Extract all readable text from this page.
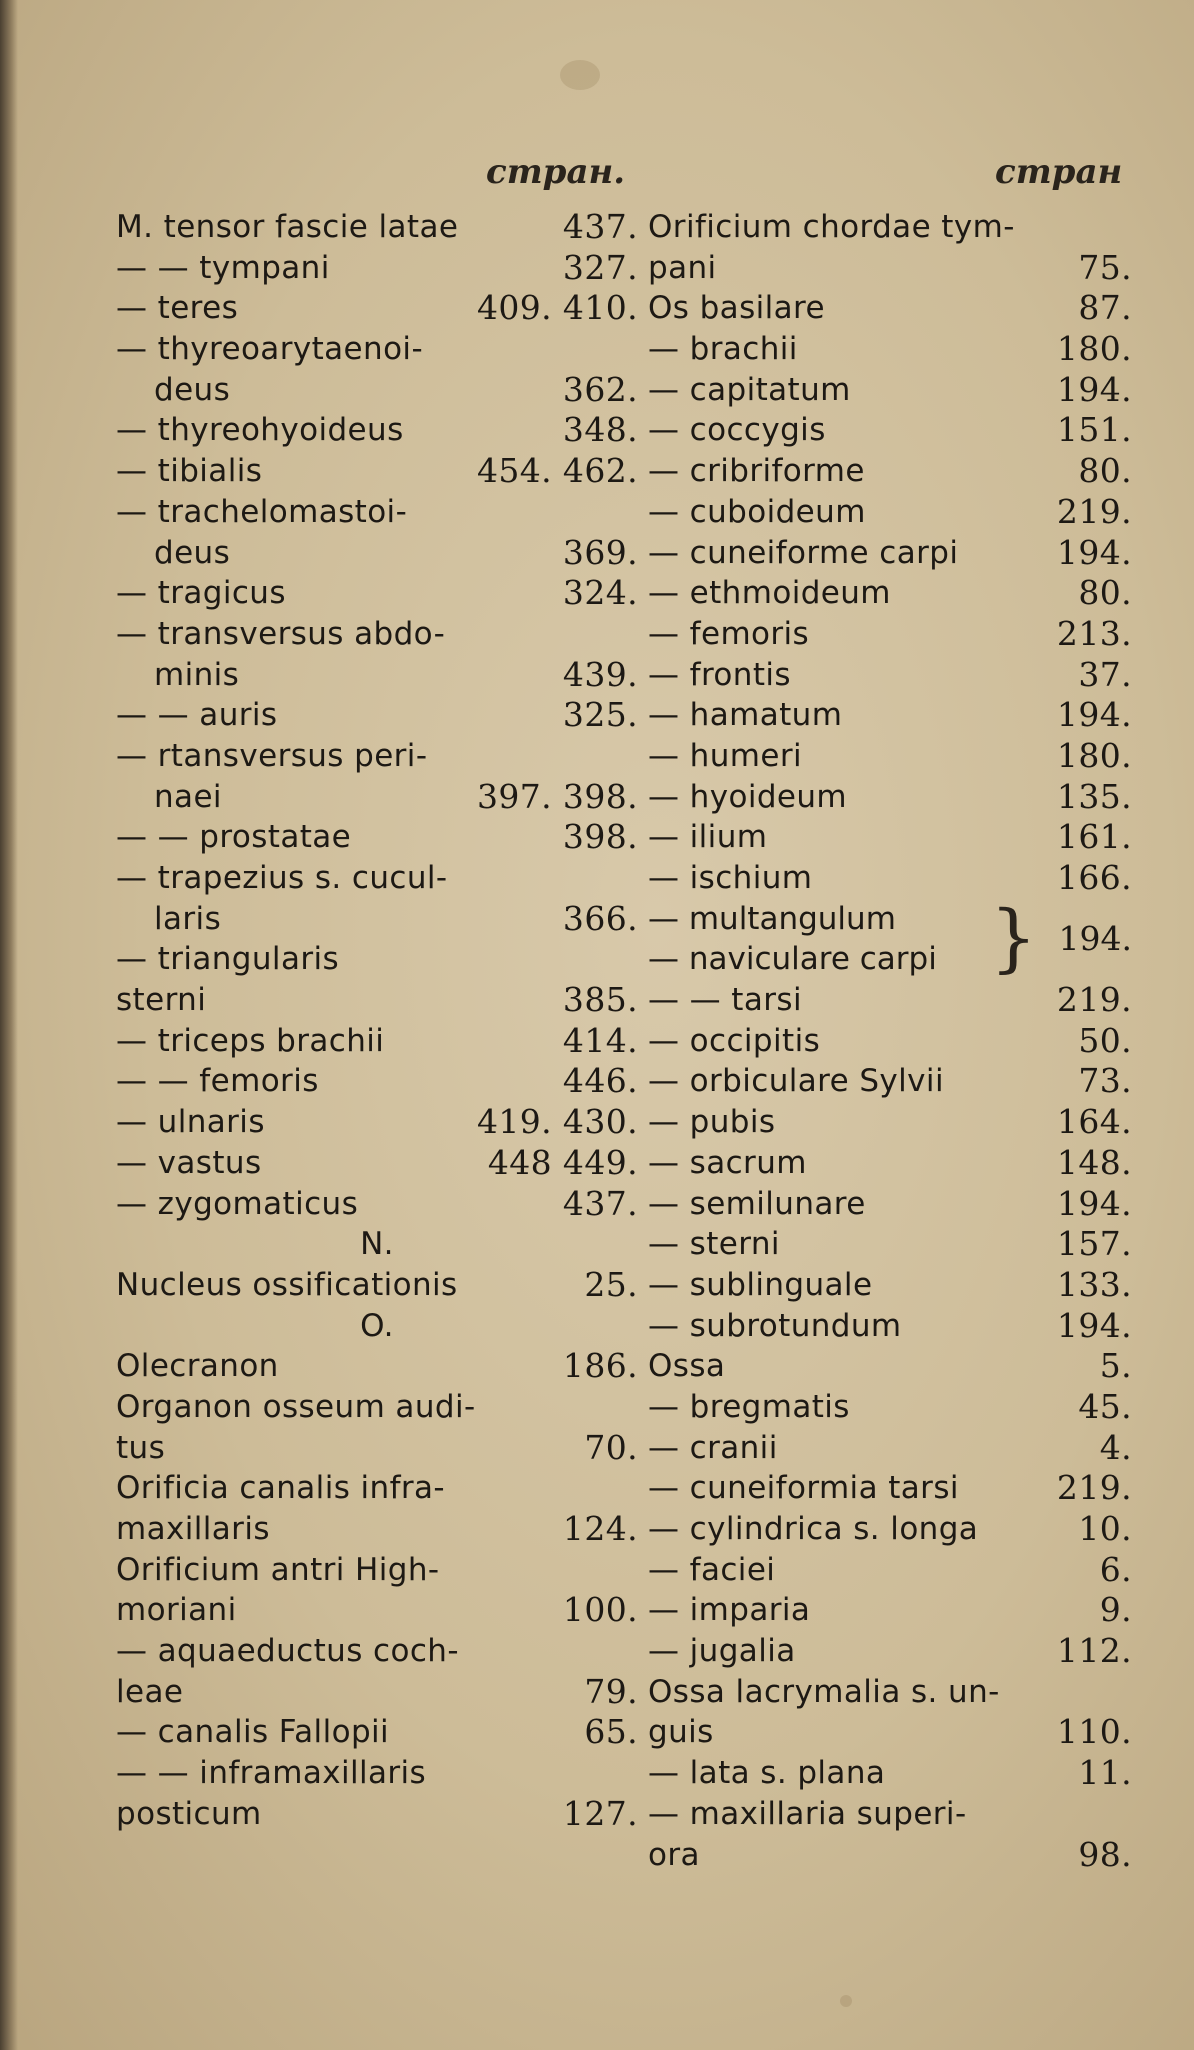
стран.	стран
M. tensor fascie latae	437.
— — tympani	327.
— teres	409. 410.
— thyreoarytaenoi-
deus	362.
— thyreohyoideus	348.
— tibialis	454. 462.
— trachelomastoi-
deus	369.
— tragicus	324.
— transversus abdo-
minis	439.
— — auris	325.
— rtansversus peri-
naei	397. 398.
— — prostatae	398.
— trapezius s. cucul-
laris	366.
— triangularis
sterni	385.
— triceps brachii	414.
— — femoris	446.
— ulnaris	419. 430.
— vastus	448 449.
— zygomaticus	437.
N.
Nucleus ossificationis	25.
O.
Olecranon	186.
Organon osseum audi-
tus	70.
Orificia canalis infra-
maxillaris	124.
Orificium antri High-
moriani	100.
— aquaeductus coch-
leae	79.
— canalis Fallopii	65.
— — inframaxillaris
posticum	127.
Orificium chordae tym-
pani	75.
Os basilare	87.
— brachii	180.
— capitatum	194.
— coccygis	151.
— cribriforme	80.
— cuboideum	219.
— cuneiforme carpi	194.
— ethmoideum	80.
— femoris	213.
— frontis	37.
— hamatum	194.
— humeri	180.
— hyoideum	135.
— ilium	161.
— ischium	166.
— multangulum
— naviculare carpi } 194.
— — tarsi	219.
— occipitis	50.
— orbiculare Sylvii	73.
— pubis	164.
— sacrum	148.
— semilunare	194.
— sterni	157.
— sublinguale	133.
— subrotundum	194.
Ossa	5.
— bregmatis	45.
— cranii	4.
— cuneiformia tarsi	219.
— cylindrica s. longa	10.
— faciei	6.
— imparia	9.
— jugalia	112.
Ossa lacrymalia s. un-
guis	110.
— lata s. plana	11.
— maxillaria superi-
ora	98.
